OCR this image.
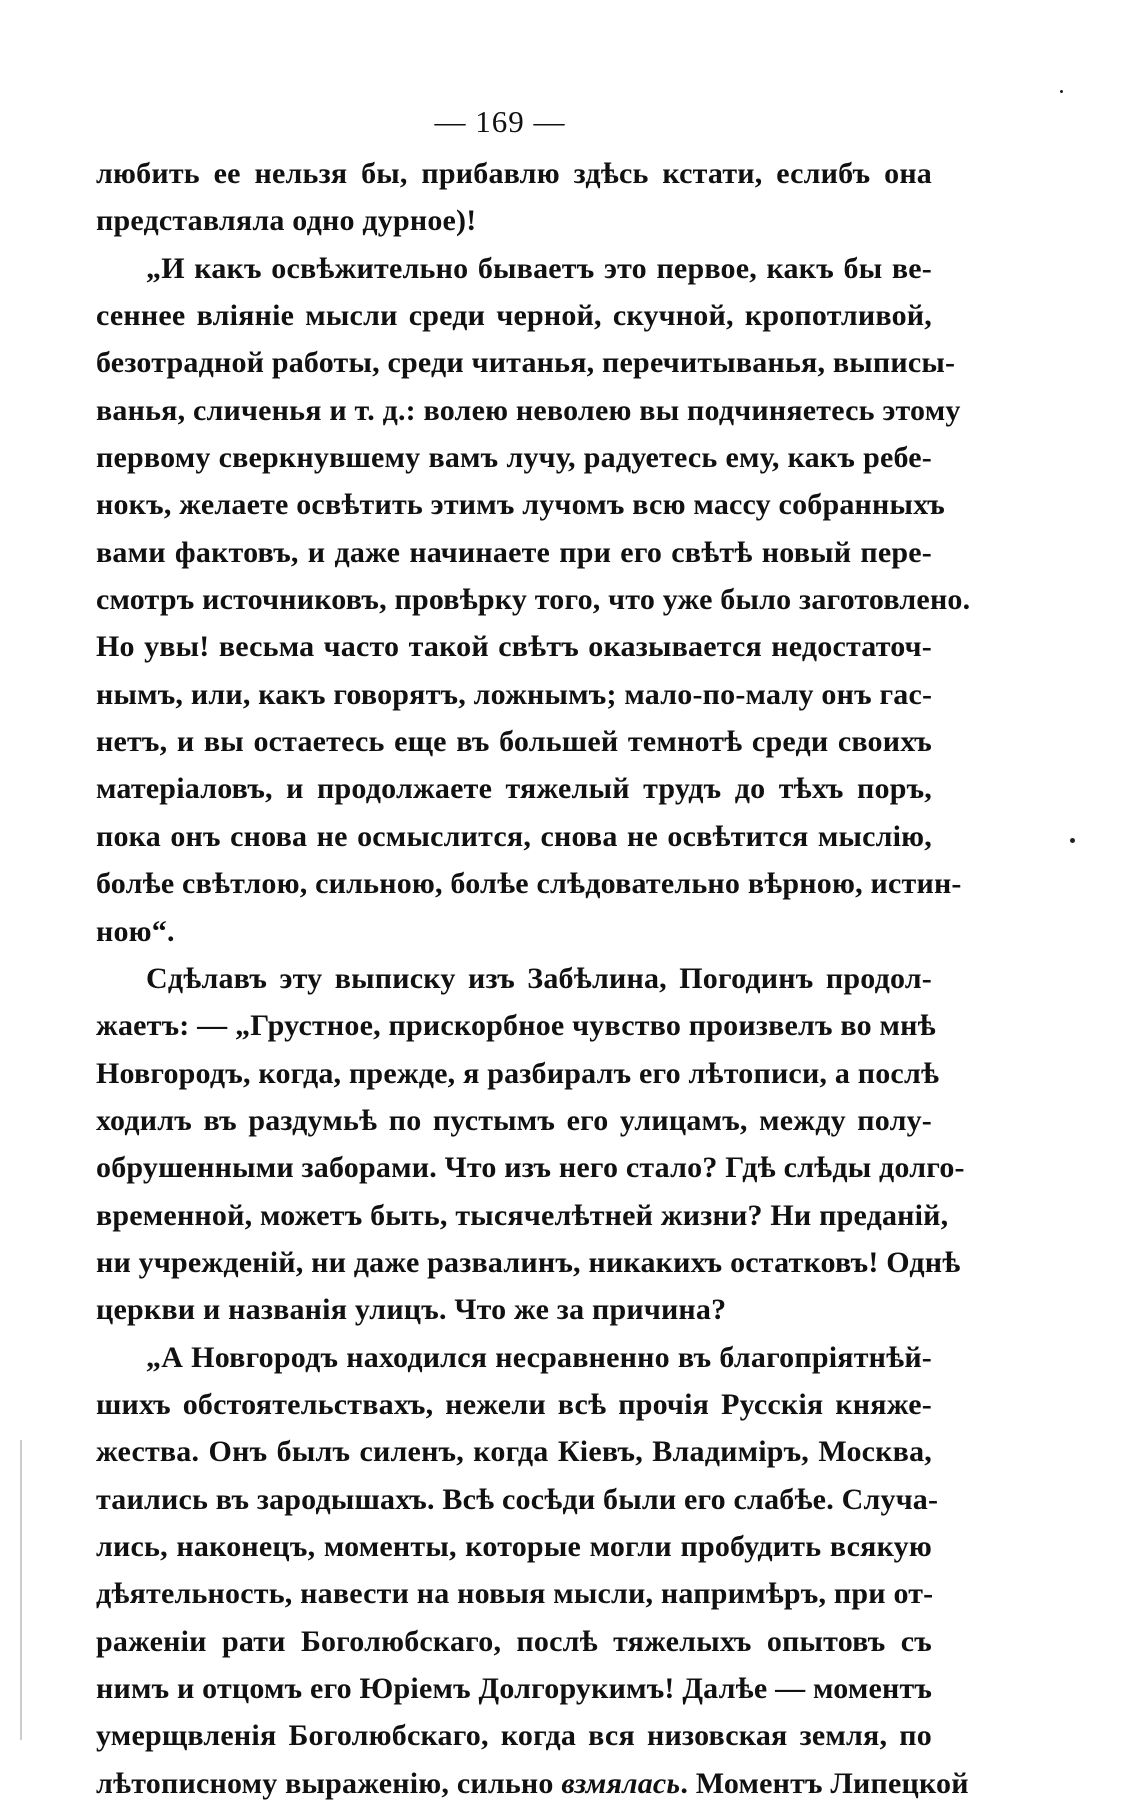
— 169 —
любить ее нельзя бы, прибавлю здѣсь кстати, еслибъ она
представляла одно дурное)!
„И какъ освѣжительно бываетъ это первое, какъ бы ве-
сеннее вліяніе мысли среди черной, скучной, кропотливой,
безотрадной работы, среди читанья, перечитыванья, выписы-
ванья, сличенья и т. д.: волею неволею вы подчиняетесь этому
первому сверкнувшему вамъ лучу, радуетесь ему, какъ ребе-
нокъ, желаете освѣтить этимъ лучомъ всю массу собранныхъ
вами фактовъ, и даже начинаете при его свѣтѣ новый пере-
смотръ источниковъ, провѣрку того, что уже было заготовлено.
Но увы! весьма часто такой свѣтъ оказывается недостаточ-
нымъ, или, какъ говорятъ, ложнымъ; мало-по-малу онъ гас-
нетъ, и вы остаетесь еще въ большей темнотѣ среди своихъ
матеріаловъ, и продолжаете тяжелый трудъ до тѣхъ поръ,
пока онъ снова не осмыслится, снова не освѣтится мыслію,
болѣе свѣтлою, сильною, болѣе слѣдовательно вѣрною, истин-
ною“.
Сдѣлавъ эту выписку изъ Забѣлина, Погодинъ продол-
жаетъ: — „Грустное, прискорбное чувство произвелъ во мнѣ
Новгородъ, когда, прежде, я разбиралъ его лѣтописи, а послѣ
ходилъ въ раздумьѣ по пустымъ его улицамъ, между полу-
обрушенными заборами. Что изъ него стало? Гдѣ слѣды долго-
временной, можетъ быть, тысячелѣтней жизни? Ни преданій,
ни учрежденій, ни даже развалинъ, никакихъ остатковъ! Однѣ
церкви и названія улицъ. Что же за причина?
„А Новгородъ находился несравненно въ благопріятнѣй-
шихъ обстоятельствахъ, нежели всѣ прочія Русскія княже-
жества. Онъ былъ силенъ, когда Кіевъ, Владиміръ, Москва,
таились въ зародышахъ. Всѣ сосѣди были его слабѣе. Случа-
лись, наконецъ, моменты, которые могли пробудить всякую
дѣятельность, навести на новыя мысли, напримѣръ, при от-
раженіи рати Боголюбскаго, послѣ тяжелыхъ опытовъ съ
нимъ и отцомъ его Юріемъ Долгорукимъ! Далѣе — моментъ
умерщвленія Боголюбскаго, когда вся низовская земля, по
лѣтописному выраженію, сильно взмялась. Моментъ Липецкой
